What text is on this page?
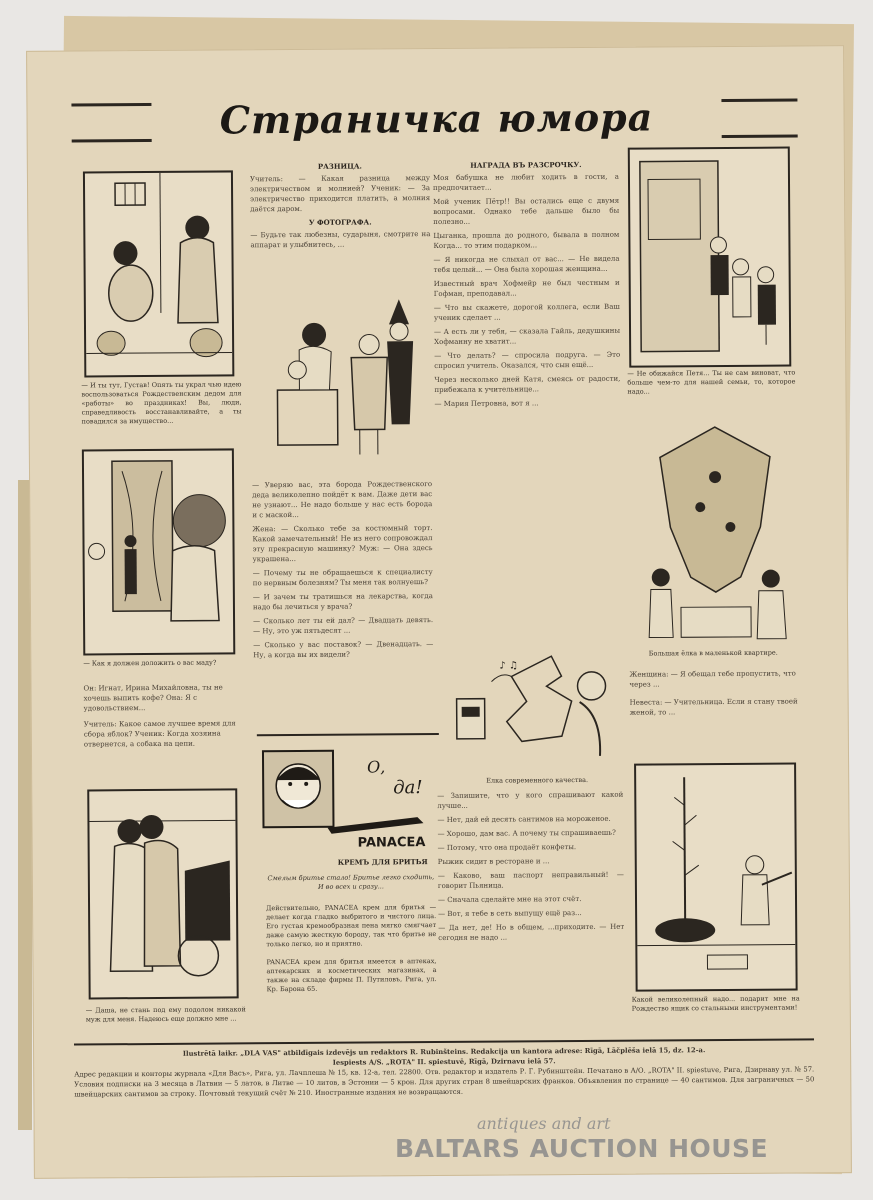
Страничка юмора
— И ты тут, Густав! Опять ты украл чью идею воспользоваться Рождественским дедом для «работы» во праздниках! Вы, люди, справедливость восстанавливайте, а ты повадился за имущество...
— Как я должен доложить о вас маду?
Он: Игнат, Ирина Михайловна, ты не хочешь выпить кофе? Она: Я с удовольствием...
Учитель: Какое самое лучшее время для сбора яблок? Ученик: Когда хозяина отвернется, а собака на цепи.
— Даша, не стань под ему подолом никакой муж для меня. Надеюсь еще должно мне ...
РАЗНИЦА.
Учитель: — Какая разница между электричеством и молнией? Ученик: — За электричество приходится платить, а молния даётся даром.
У ФОТОГРАФА.
— Будьте так любезны, сударыня, смотрите на аппарат и улыбнитесь, ...
— Уверяю вас, эта борода Рождественского деда великолепно пойдёт к вам. Даже дети вас не узнают... Не надо больше у нас есть борода и с маской...
Жена: — Сколько тебе за костюмный торт. Какой замечательный! Не из него сопровождал эту прекрасную машинку? Муж: — Она здесь украшена...
— Почему ты не обращаешься к специалисту по нервным болезням? Ты меня так волнуешь?
— И зачем ты тратишься на лекарства, когда надо бы лечиться у врача?
— Сколько лет ты ей дал? — Двадцать девять. — Ну, это уж пятьдесят ...
— Сколько у вас поставок? — Двенадцать. — Ну, а когда вы их видели?
О,
да!
PANACEA
КРЕМЪ ДЛЯ БРИТЬЯ
Смелым бритье стало! Бритье легко сходить, И во всех и сразу...
Действительно, PANACEA крем для бритья — делает когда гладко выбритого и чистого лица. Его густая кремообразная пена мягко смягчает даже самую жесткую бороду, так что бритье не только легко, но и приятно.
PANACEA крем для бритья имеется в аптеках, аптекарских и косметических магазинах, а также на складе фирмы П. Путиловъ, Рига, ул. Кр. Барона 65.
НАГРАДА ВЪ РАЗСРОЧКУ.
Моя бабушка не любит ходить в гости, а предпочитает...
Мой ученик Пётр!! Вы остались еще с двумя вопросами. Однако тебе дальше было бы полезно...
Цыганка, прошла до родного, бывала в полном Когда... то этим подарком...
— Я никогда не слыхал от вас... — Не видела тебя целый... — Она была хорошая женщина...
Известный врач Хофмейр не был честным и Гофман, преподавал...
— Что вы скажете, дорогой коллега, если Ваш ученик сделает ...
— А есть ли у тебя, — сказала Гайль, дедушкины Хофманну не хватит...
— Что делать? — спросила подруга. — Это спросил учитель. Оказался, что сын ещё...
Через несколько дней Катя, смеясь от радости, прибежала к учительнице...
— Мария Петровна, вот я ...
♪ ♫
Елка современного качества.
— Запишите, что у кого спрашивают какой лучше...
— Нет, дай ей десять сантимов на мороженое.
— Хорошо, дам вас. А почему ты спрашиваешь?
— Потому, что она продаёт конфеты.
Рыжик сидит в ресторане и ...
— Каково, ваш паспорт неправильный! — говорит Пьяница.
— Сначала сделайте мне на этот счёт.
— Вот, я тебе в сеть выпущу ещё раз...
— Да нет, де! Но в общем, ...приходите. — Нет сегодня не надо ...
— Не обижайся Петя... Ты не сам виноват, что больше чем-то для нашей семьи, то, которое надо...
Большая ёлка в маленькой квартире.
Женщина: — Я обещал тебе пропустить, что через ...
Невеста: — Учительница. Если я стану твоей женой, то ...
Какой великолепный надо... подарит мне на Рождество ящик со стальными инструментами!
Ilustrētā laikr. „DLA VAS" atbildīgais izdevējs un redaktors R. Rubinšteins. Redakcija un kantora adrese: Rīgā, Lāčplēša ielā 15, dz. 12-a.
Iespiests A/S. „ROTA" II. spiestuvē, Rīgā, Dzirnavu ielā 57.
Адрес редакции и конторы журнала «Для Васъ», Рига, ул. Лачплеша № 15, кв. 12-а, тел. 22800. Отв. редактор и издатель Р. Г. Рубинштейн. Печатано в А/О. „ROTA" II. spiestuve, Рига, Дзирнаву ул. № 57. Условия подписки на 3 месяца в Латвии — 5 латов, в Литве — 10 литов, в Эстонии — 5 крон. Для других стран 8 швейцарских франков. Объявления по странице — 40 сантимов. Для заграничных — 50 швейцарских сантимов за строку. Почтовый текущий счёт № 210. Иностранные издания не возвращаются.
antiques and art
BALTARS AUCTION HOUSE
